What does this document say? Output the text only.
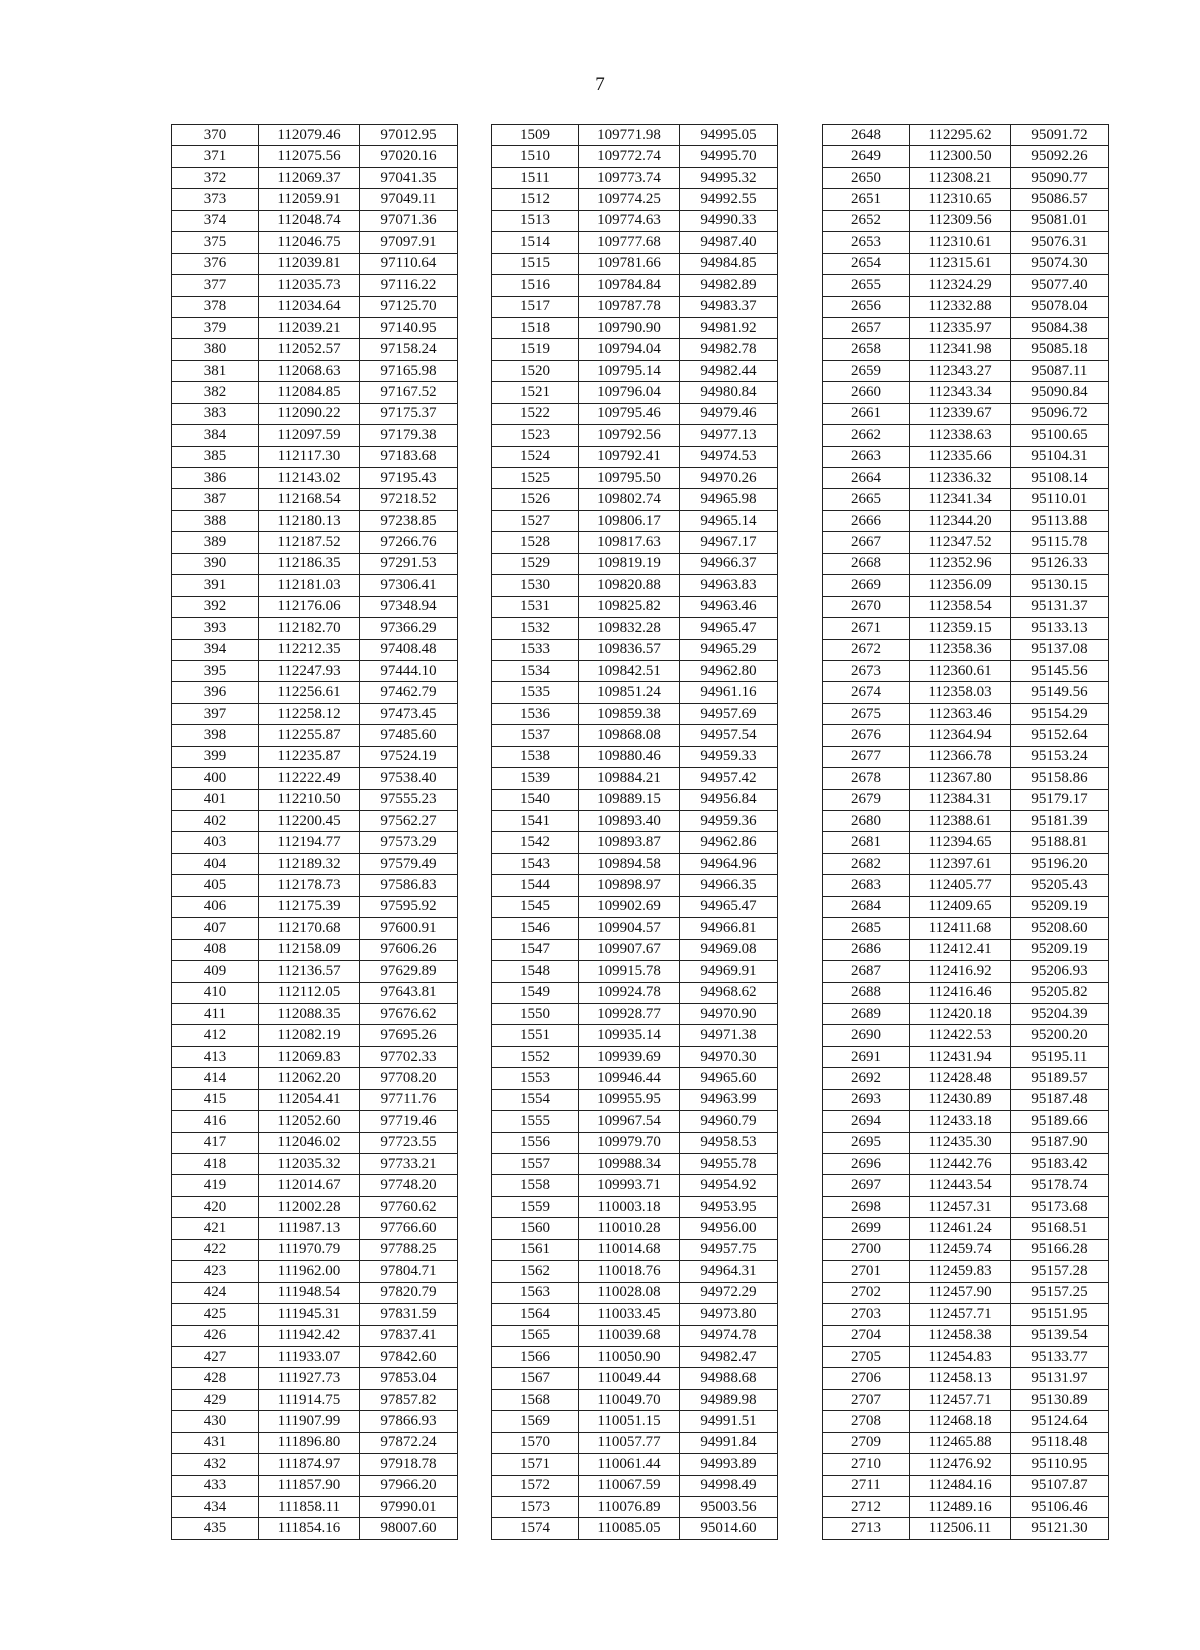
7
370	112079.46	97012.95
371	112075.56	97020.16
372	112069.37	97041.35
373	112059.91	97049.11
374	112048.74	97071.36
375	112046.75	97097.91
376	112039.81	97110.64
377	112035.73	97116.22
378	112034.64	97125.70
379	112039.21	97140.95
380	112052.57	97158.24
381	112068.63	97165.98
382	112084.85	97167.52
383	112090.22	97175.37
384	112097.59	97179.38
385	112117.30	97183.68
386	112143.02	97195.43
387	112168.54	97218.52
388	112180.13	97238.85
389	112187.52	97266.76
390	112186.35	97291.53
391	112181.03	97306.41
392	112176.06	97348.94
393	112182.70	97366.29
394	112212.35	97408.48
395	112247.93	97444.10
396	112256.61	97462.79
397	112258.12	97473.45
398	112255.87	97485.60
399	112235.87	97524.19
400	112222.49	97538.40
401	112210.50	97555.23
402	112200.45	97562.27
403	112194.77	97573.29
404	112189.32	97579.49
405	112178.73	97586.83
406	112175.39	97595.92
407	112170.68	97600.91
408	112158.09	97606.26
409	112136.57	97629.89
410	112112.05	97643.81
411	112088.35	97676.62
412	112082.19	97695.26
413	112069.83	97702.33
414	112062.20	97708.20
415	112054.41	97711.76
416	112052.60	97719.46
417	112046.02	97723.55
418	112035.32	97733.21
419	112014.67	97748.20
420	112002.28	97760.62
421	111987.13	97766.60
422	111970.79	97788.25
423	111962.00	97804.71
424	111948.54	97820.79
425	111945.31	97831.59
426	111942.42	97837.41
427	111933.07	97842.60
428	111927.73	97853.04
429	111914.75	97857.82
430	111907.99	97866.93
431	111896.80	97872.24
432	111874.97	97918.78
433	111857.90	97966.20
434	111858.11	97990.01
435	111854.16	98007.60
1509	109771.98	94995.05
1510	109772.74	94995.70
1511	109773.74	94995.32
1512	109774.25	94992.55
1513	109774.63	94990.33
1514	109777.68	94987.40
1515	109781.66	94984.85
1516	109784.84	94982.89
1517	109787.78	94983.37
1518	109790.90	94981.92
1519	109794.04	94982.78
1520	109795.14	94982.44
1521	109796.04	94980.84
1522	109795.46	94979.46
1523	109792.56	94977.13
1524	109792.41	94974.53
1525	109795.50	94970.26
1526	109802.74	94965.98
1527	109806.17	94965.14
1528	109817.63	94967.17
1529	109819.19	94966.37
1530	109820.88	94963.83
1531	109825.82	94963.46
1532	109832.28	94965.47
1533	109836.57	94965.29
1534	109842.51	94962.80
1535	109851.24	94961.16
1536	109859.38	94957.69
1537	109868.08	94957.54
1538	109880.46	94959.33
1539	109884.21	94957.42
1540	109889.15	94956.84
1541	109893.40	94959.36
1542	109893.87	94962.86
1543	109894.58	94964.96
1544	109898.97	94966.35
1545	109902.69	94965.47
1546	109904.57	94966.81
1547	109907.67	94969.08
1548	109915.78	94969.91
1549	109924.78	94968.62
1550	109928.77	94970.90
1551	109935.14	94971.38
1552	109939.69	94970.30
1553	109946.44	94965.60
1554	109955.95	94963.99
1555	109967.54	94960.79
1556	109979.70	94958.53
1557	109988.34	94955.78
1558	109993.71	94954.92
1559	110003.18	94953.95
1560	110010.28	94956.00
1561	110014.68	94957.75
1562	110018.76	94964.31
1563	110028.08	94972.29
1564	110033.45	94973.80
1565	110039.68	94974.78
1566	110050.90	94982.47
1567	110049.44	94988.68
1568	110049.70	94989.98
1569	110051.15	94991.51
1570	110057.77	94991.84
1571	110061.44	94993.89
1572	110067.59	94998.49
1573	110076.89	95003.56
1574	110085.05	95014.60
2648	112295.62	95091.72
2649	112300.50	95092.26
2650	112308.21	95090.77
2651	112310.65	95086.57
2652	112309.56	95081.01
2653	112310.61	95076.31
2654	112315.61	95074.30
2655	112324.29	95077.40
2656	112332.88	95078.04
2657	112335.97	95084.38
2658	112341.98	95085.18
2659	112343.27	95087.11
2660	112343.34	95090.84
2661	112339.67	95096.72
2662	112338.63	95100.65
2663	112335.66	95104.31
2664	112336.32	95108.14
2665	112341.34	95110.01
2666	112344.20	95113.88
2667	112347.52	95115.78
2668	112352.96	95126.33
2669	112356.09	95130.15
2670	112358.54	95131.37
2671	112359.15	95133.13
2672	112358.36	95137.08
2673	112360.61	95145.56
2674	112358.03	95149.56
2675	112363.46	95154.29
2676	112364.94	95152.64
2677	112366.78	95153.24
2678	112367.80	95158.86
2679	112384.31	95179.17
2680	112388.61	95181.39
2681	112394.65	95188.81
2682	112397.61	95196.20
2683	112405.77	95205.43
2684	112409.65	95209.19
2685	112411.68	95208.60
2686	112412.41	95209.19
2687	112416.92	95206.93
2688	112416.46	95205.82
2689	112420.18	95204.39
2690	112422.53	95200.20
2691	112431.94	95195.11
2692	112428.48	95189.57
2693	112430.89	95187.48
2694	112433.18	95189.66
2695	112435.30	95187.90
2696	112442.76	95183.42
2697	112443.54	95178.74
2698	112457.31	95173.68
2699	112461.24	95168.51
2700	112459.74	95166.28
2701	112459.83	95157.28
2702	112457.90	95157.25
2703	112457.71	95151.95
2704	112458.38	95139.54
2705	112454.83	95133.77
2706	112458.13	95131.97
2707	112457.71	95130.89
2708	112468.18	95124.64
2709	112465.88	95118.48
2710	112476.92	95110.95
2711	112484.16	95107.87
2712	112489.16	95106.46
2713	112506.11	95121.30
